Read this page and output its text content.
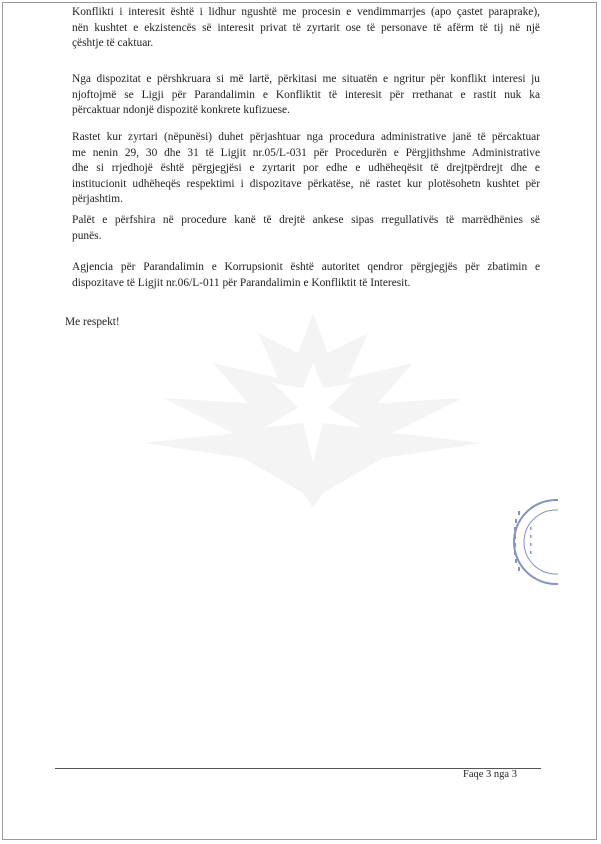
Konflikti i interesit është i lidhur ngushtë me procesin e vendimmarrjes (apo çastet paraprake),
nën kushtet e ekzistencës së interesit privat të zyrtarit ose të personave të afërm të tij në një
çështje të caktuar.
Nga dispozitat e përshkruara si më lartë, përkitasi me situatën e ngritur për konflikt interesi ju
njoftojmë se Ligji për Parandalimin e Konfliktit të interesit për rrethanat e rastit nuk ka
përcaktuar ndonjë dispozitë konkrete kufizuese.
Rastet kur zyrtari (nëpunësi) duhet përjashtuar nga procedura administrative janë të përcaktuar
me nenin 29, 30 dhe 31 të Ligjit nr.05/L-031 për Procedurën e Përgjithshme Administrative
dhe si rrjedhojë është përgjegjësi e zyrtarit por edhe e udhëheqësit të drejtpërdrejt dhe e
institucionit udhëheqës respektimi i dispozitave përkatëse, në rastet kur plotësohetn kushtet për
përjashtim.
Palët e përfshira në procedure kanë të drejtë ankese sipas rregullativës të marrëdhënies së
punës.
Agjencia për Parandalimin e Korrupsionit është autoritet qendror përgjegjës për zbatimin e
dispozitave të Ligjit nr.06/L-011 për Parandalimin e Konfliktit të Interesit.
Me respekt!
Faqe 3 nga 3
